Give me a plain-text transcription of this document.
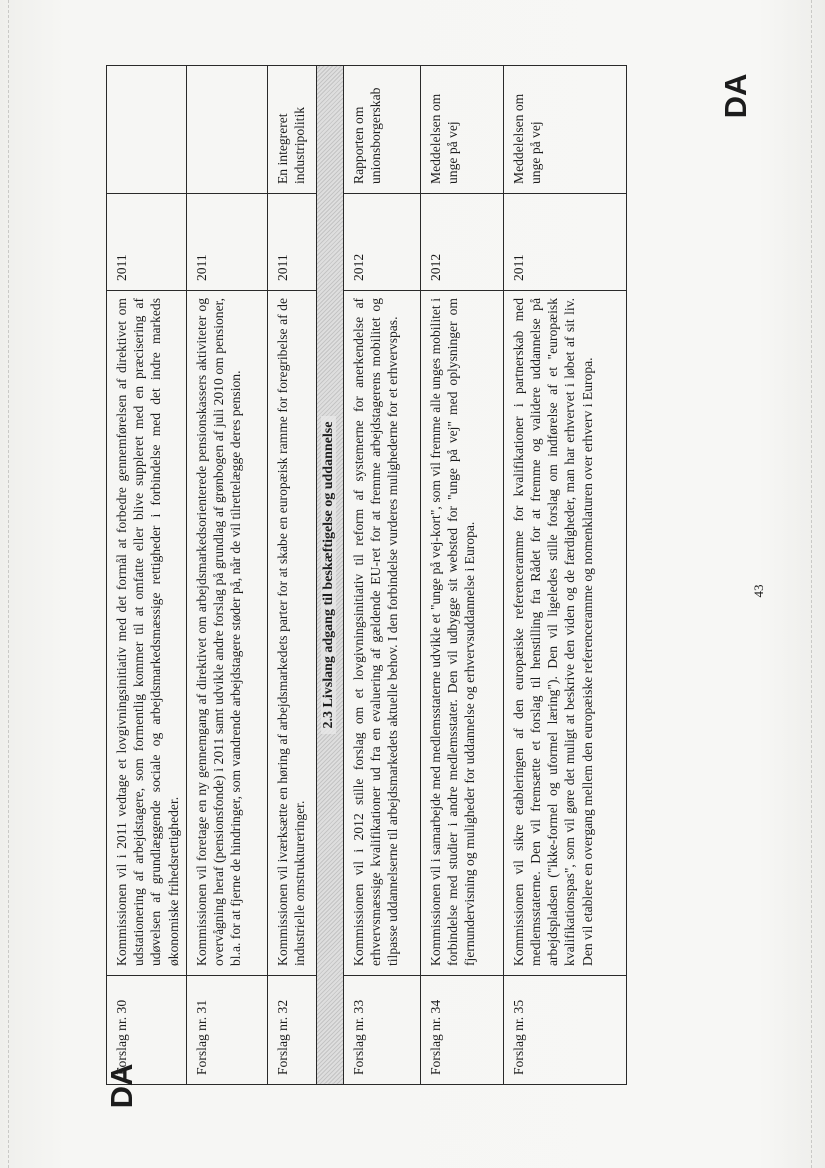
Forslag nr. 30	Kommissionen vil i 2011 vedtage et lovgivningsinitiativ med det formål at forbedre gennemførelsen af direktivet om udstationering af arbejdstagere, som formentlig kommer til at omfatte eller blive suppleret med en præcisering af udøvelsen af grundlæggende sociale og arbejdsmarkedsmæssige rettigheder i forbindelse med det indre markeds økonomiske frihedsrettigheder.	2011	
Forslag nr. 31	Kommissionen vil foretage en ny gennemgang af direktivet om arbejdsmarkedsorienterede pensionskassers aktiviteter og overvågning heraf (pensionsfonde) i 2011 samt udvikle andre forslag på grundlag af grønbogen af juli 2010 om pensioner, bl.a. for at fjerne de hindringer, som vandrende arbejdstagere støder på, når de vil tilrettelægge deres pension.	2011	
Forslag nr. 32	Kommissionen vil iværksætte en høring af arbejdsmarkedets parter for at skabe en europæisk ramme for foregribelse af de industrielle omstruktureringer.	2011	En integreret industripolitik
2.3 Livslang adgang til beskæftigelse og uddannelse			
Forslag nr. 33	Kommissionen vil i 2012 stille forslag om et lovgivningsinitiativ til reform af systemerne for anerkendelse af erhvervsmæssige kvalifikationer ud fra en evaluering af gældende EU-ret for at fremme arbejdstagerens mobilitet og tilpasse uddannelserne til arbejdsmarkedets aktuelle behov. I den forbindelse vurderes mulighederne for et erhvervspas.	2012	Rapporten om unionsborgerskab
Forslag nr. 34	Kommissionen vil i samarbejde med medlemsstaterne udvikle et "unge på vej-kort", som vil fremme alle unges mobilitet i forbindelse med studier i andre medlemsstater. Den vil udbygge sit websted for "unge på vej" med oplysninger om fjernundervisning og muligheder for uddannelse og erhvervsuddannelse i Europa.	2012	Meddelelsen om unge på vej
Forslag nr. 35	Kommissionen vil sikre etableringen af den europæiske referenceramme for kvalifikationer i partnerskab med medlemsstaterne. Den vil fremsætte et forslag til henstilling fra Rådet for at fremme og validere uddannelse på arbejdspladsen ("ikke-formel og uformel læring"). Den vil ligeledes stille forslag om indførelse af et "europæisk kvalifikationspas", som vil gøre det muligt at beskrive den viden og de færdigheder, man har erhvervet i løbet af sit liv. Den vil etablere en overgang mellem den europæiske referenceramme og nomenklaturen over erhverv i Europa.	2011	Meddelelsen om unge på vej
43
DA
DA
